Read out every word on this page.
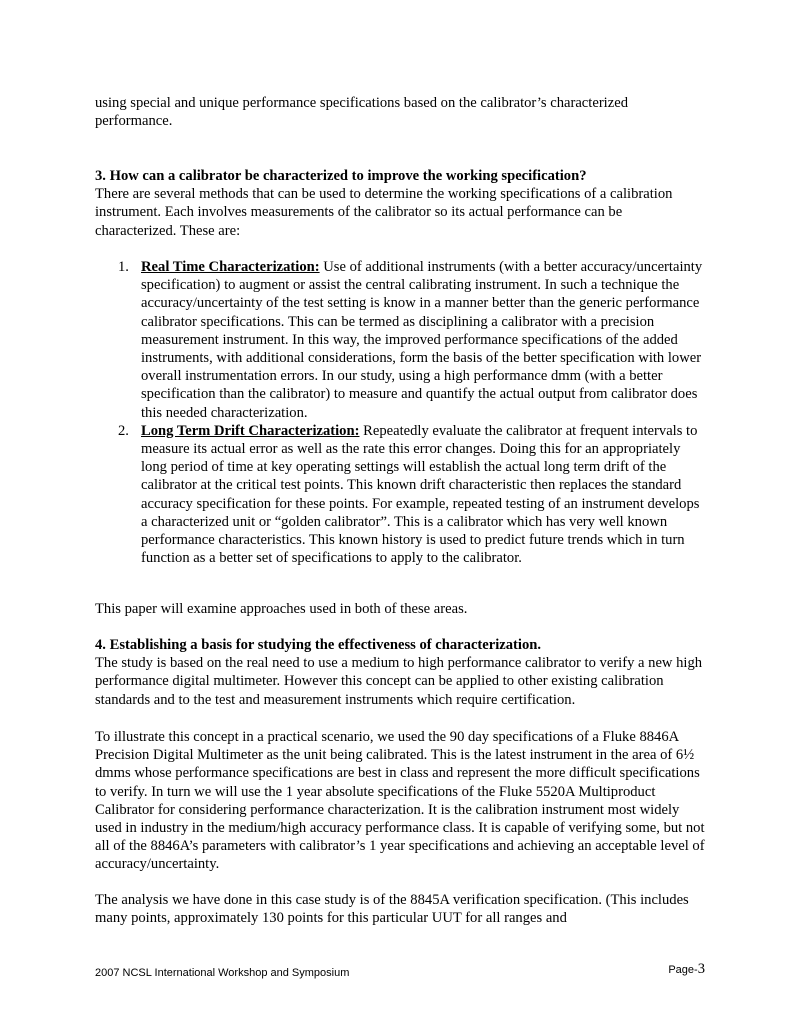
using special and unique performance specifications based on the calibrator’s characterized performance.

3. How can a calibrator be characterized to improve the working specification?

There are several methods that can be used to determine the working specifications of a calibration instrument. Each involves measurements of the calibrator so its actual performance can be characterized. These are:

1. Real Time Characterization: Use of additional instruments (with a better accuracy/uncertainty specification) to augment or assist the central calibrating instrument. In such a technique the accuracy/uncertainty of the test setting is know in a manner better than the generic performance calibrator specifications. This can be termed as disciplining a calibrator with a precision measurement instrument. In this way, the improved performance specifications of the added instruments, with additional considerations, form the basis of the better specification with lower overall instrumentation errors. In our study, using a high performance dmm (with a better specification than the calibrator) to measure and quantify the actual output from calibrator does this needed characterization.
2. Long Term Drift Characterization: Repeatedly evaluate the calibrator at frequent intervals to measure its actual error as well as the rate this error changes. Doing this for an appropriately long period of time at key operating settings will establish the actual long term drift of the calibrator at the critical test points. This known drift characteristic then replaces the standard accuracy specification for these points. For example, repeated testing of an instrument develops a characterized unit or “golden calibrator”. This is a calibrator which has very well known performance characteristics. This known history is used to predict future trends which in turn function as a better set of specifications to apply to the calibrator.

This paper will examine approaches used in both of these areas.

4. Establishing a basis for studying the effectiveness of characterization.

The study is based on the real need to use a medium to high performance calibrator to verify a new high performance digital multimeter. However this concept can be applied to other existing calibration standards and to the test and measurement instruments which require certification.

To illustrate this concept in a practical scenario, we used the 90 day specifications of a Fluke 8846A Precision Digital Multimeter as the unit being calibrated. This is the latest instrument in the area of 6½ dmms whose performance specifications are best in class and represent the more difficult specifications to verify. In turn we will use the 1 year absolute specifications of the Fluke 5520A Multiproduct Calibrator for considering performance characterization. It is the calibration instrument most widely used in industry in the medium/high accuracy performance class. It is capable of verifying some, but not all of the 8846A’s parameters with calibrator’s 1 year specifications and achieving an acceptable level of accuracy/uncertainty.

The analysis we have done in this case study is of the 8845A verification specification. (This includes many points, approximately 130 points for this particular UUT for all ranges and

2007 NCSL International Workshop and Symposium	Page-3
